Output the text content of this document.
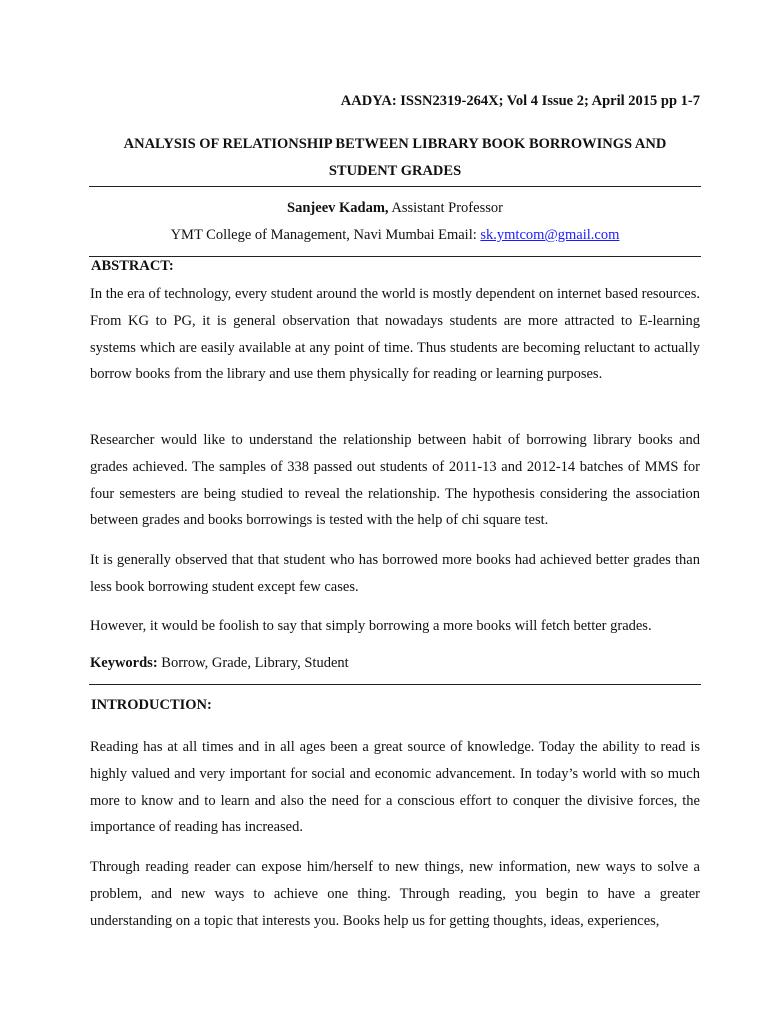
AADYA: ISSN2319-264X; Vol 4 Issue 2; April 2015 pp 1-7
ANALYSIS OF RELATIONSHIP BETWEEN LIBRARY BOOK BORROWINGS AND STUDENT GRADES
Sanjeev Kadam, Assistant Professor
YMT College of Management, Navi Mumbai Email: sk.ymtcom@gmail.com
ABSTRACT:

In the era of technology, every student around the world is mostly dependent on internet based resources. From KG to PG, it is general observation that nowadays students are more attracted to E-learning systems which are easily available at any point of time. Thus students are becoming reluctant to actually borrow books from the library and use them physically for reading or learning purposes.

Researcher would like to understand the relationship between habit of borrowing library books and grades achieved. The samples of 338 passed out students of 2011-13 and 2012-14 batches of MMS for four semesters are being studied to reveal the relationship. The hypothesis considering the association between grades and books borrowings is tested with the help of chi square test.

It is generally observed that that student who has borrowed more books had achieved better grades than less book borrowing student except few cases.

However, it would be foolish to say that simply borrowing a more books will fetch better grades.

Keywords: Borrow, Grade, Library, Student
INTRODUCTION:

Reading has at all times and in all ages been a great source of knowledge. Today the ability to read is highly valued and very important for social and economic advancement. In today’s world with so much more to know and to learn and also the need for a conscious effort to conquer the divisive forces, the importance of reading has increased.

Through reading reader can expose him/herself to new things, new information, new ways to solve a problem, and new ways to achieve one thing. Through reading, you begin to have a greater understanding on a topic that interests you. Books help us for getting thoughts, ideas, experiences,
